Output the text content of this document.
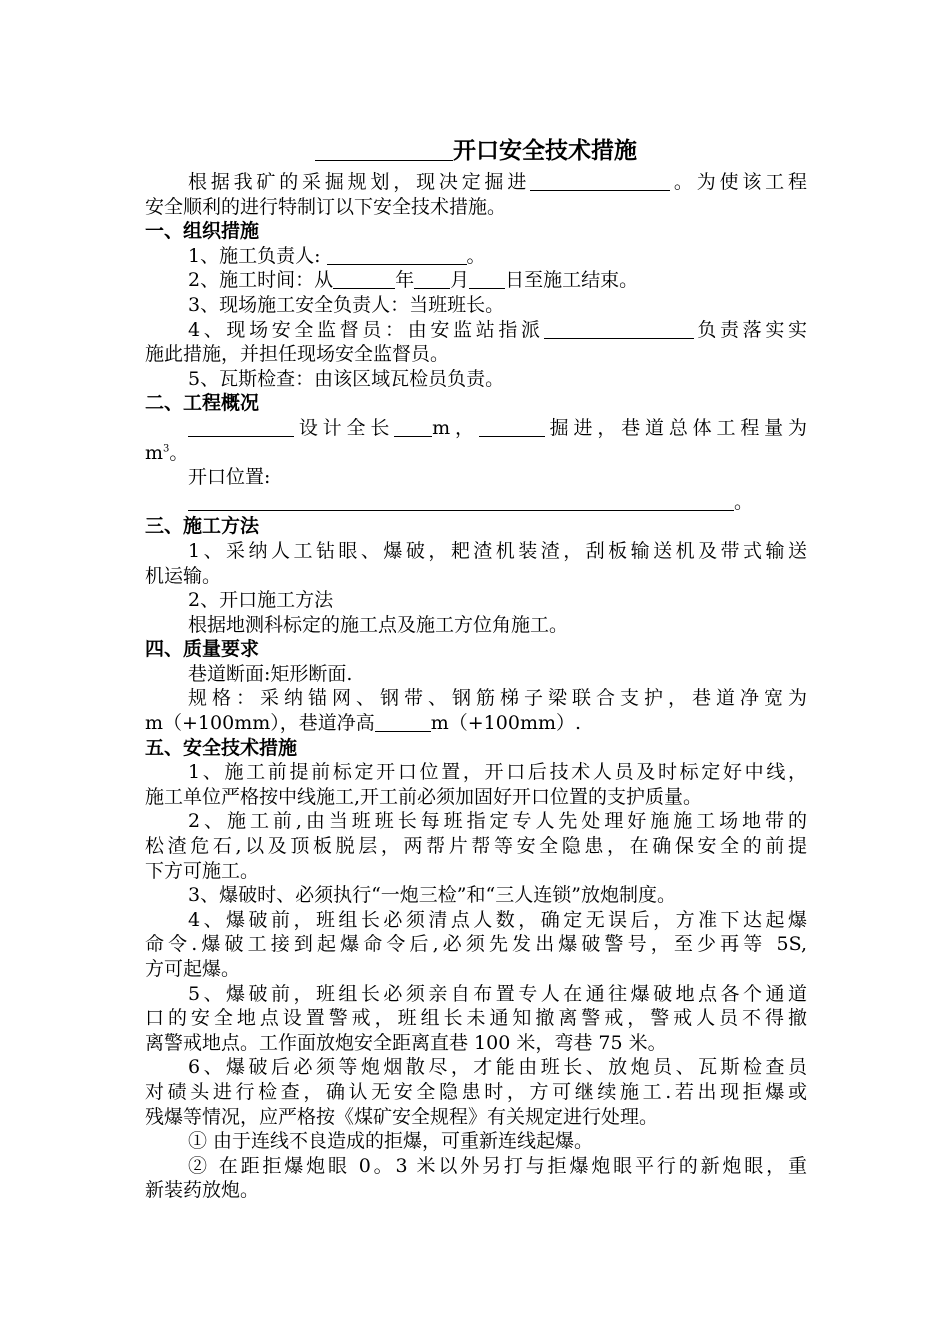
开口安全技术措施
根据我矿的采掘规划，现决定掘进	。为使该工程
安全顺利的进行特制订以下安全技术措施。
一、组织措施
1、施工负责人:	。
2、施工时间：从	年 月 日至施工结束。
3、现场施工安全负责人：当班班长。
4、现场安全监督员：由安监站指派	负责落实实
施此措施，并担任现场安全监督员。
5、瓦斯检查：由该区域瓦检员负责。
二、工程概况
设计全长 m，	掘进，巷道总体工程量为
$m^3$。
开口位置:
。
三、施工方法
1、采纳人工钻眼、爆破，耙渣机装渣，刮板输送机及带式输送
机运输。
2、开口施工方法
根据地测科标定的施工点及施工方位角施工。
四、质量要求
巷道断面:矩形断面.
规格：采纳锚网、钢带、钢筋梯子梁联合支护，巷道净宽为
m（+100mm），巷道净高	m（+100mm）.
五、安全技术措施
1、施工前提前标定开口位置，开口后技术人员及时标定好中线，
施工单位严格按中线施工,开工前必须加固好开口位置的支护质量。
2、施工前,由当班班长每班指定专人先处理好施施工场地带的
松渣危石,以及顶板脱层，两帮片帮等安全隐患，在确保安全的前提
下方可施工。
3、爆破时、必须执行“一炮三检”和“三人连锁”放炮制度。
4、爆破前，班组长必须清点人数，确定无误后，方准下达起爆
命令.爆破工接到起爆命令后,必须先发出爆破警号，至少再等 5S,
方可起爆。
5、爆破前，班组长必须亲自布置专人在通往爆破地点各个通道
口的安全地点设置警戒，班组长未通知撤离警戒，警戒人员不得撤
离警戒地点。工作面放炮安全距离直巷 100 米，弯巷 75 米。
6、爆破后必须等炮烟散尽，才能由班长、放炮员、瓦斯检查员
对碛头进行检查，确认无安全隐患时，方可继续施工.若出现拒爆或
残爆等情况，应严格按《煤矿安全规程》有关规定进行处理。
① 由于连线不良造成的拒爆，可重新连线起爆。
② 在距拒爆炮眼 0。3 米以外另打与拒爆炮眼平行的新炮眼，重
新装药放炮。
